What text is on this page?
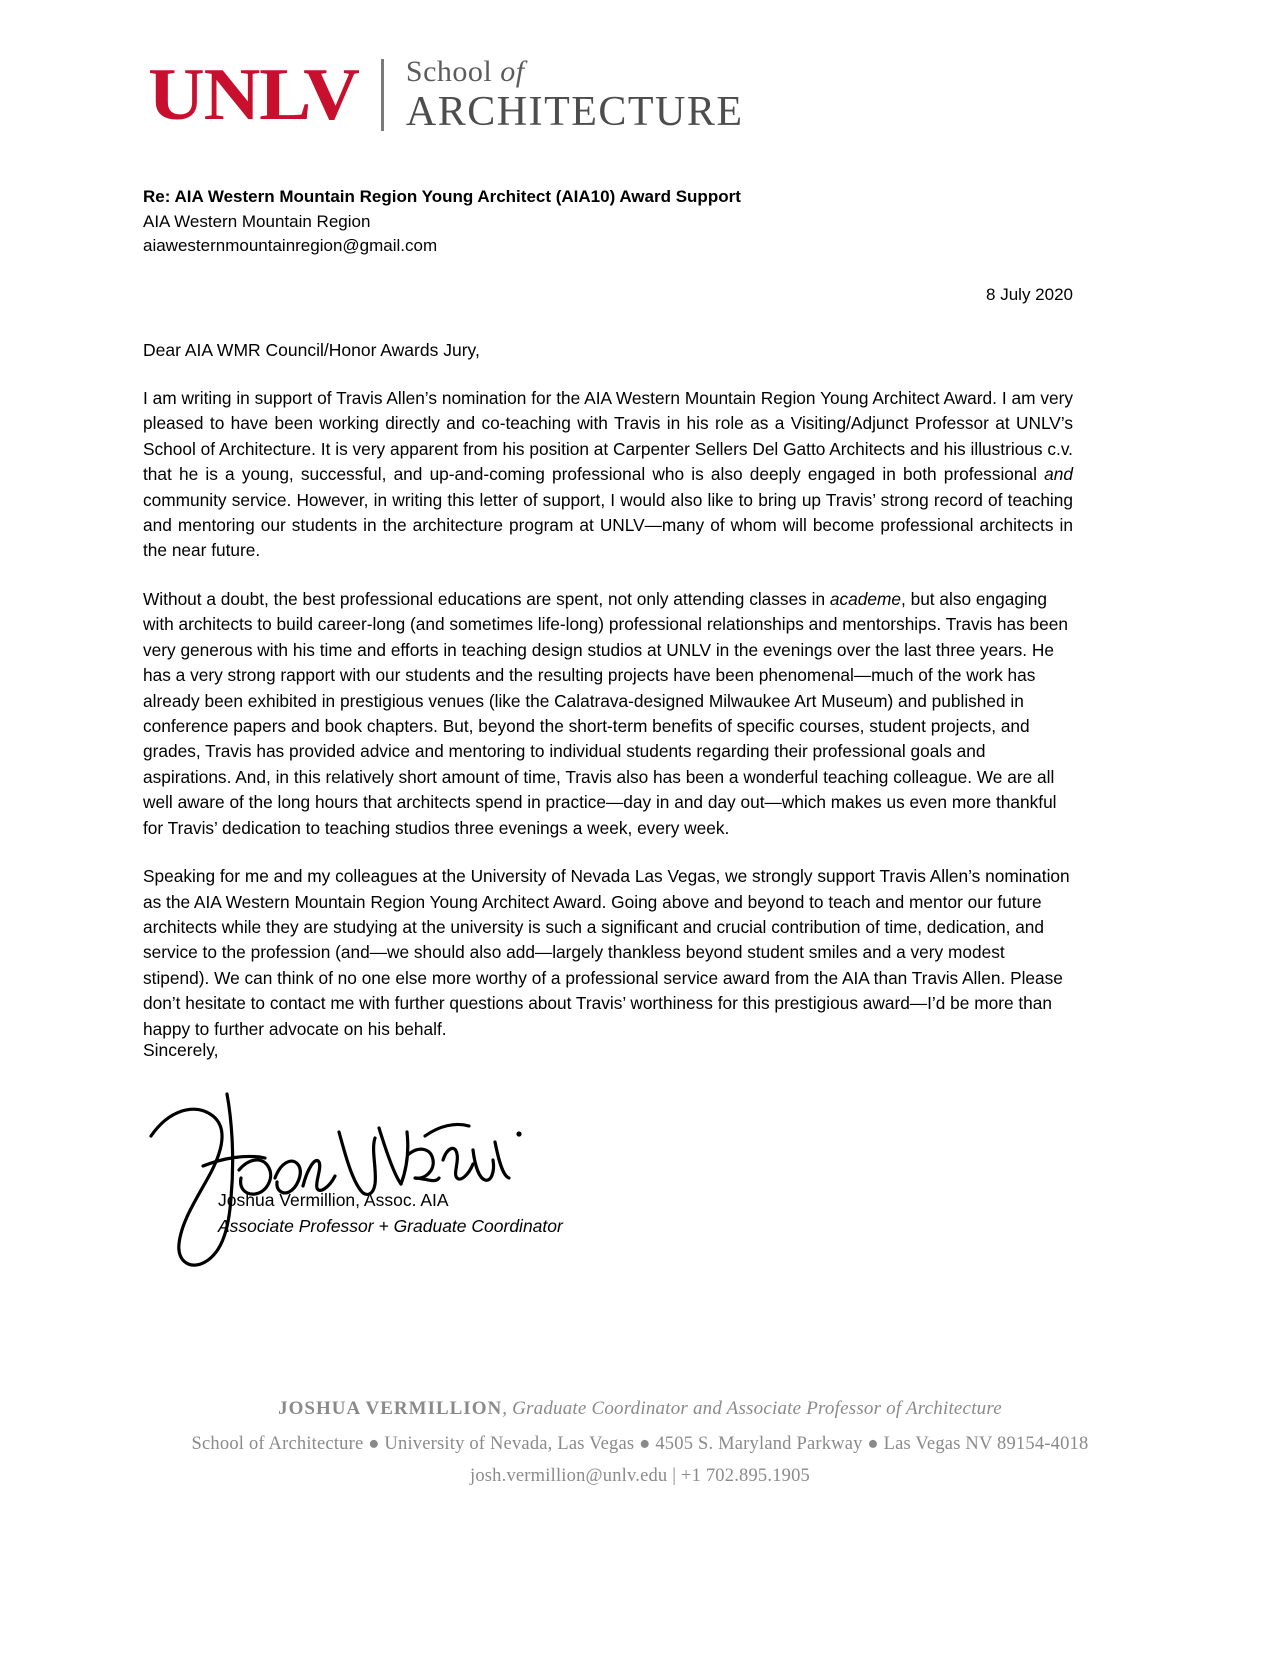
UNLV School of
ARCHITECTURE
Re: AIA Western Mountain Region Young Architect (AIA10) Award Support
AIA Western Mountain Region
aiawesternmountainregion@gmail.com
8 July 2020
Dear AIA WMR Council/Honor Awards Jury,

I am writing in support of Travis Allen’s nomination for the AIA Western Mountain Region Young Architect Award. I am very pleased to have been working directly and co-teaching with Travis in his role as a Visiting/Adjunct Professor at UNLV’s School of Architecture. It is very apparent from his position at Carpenter Sellers Del Gatto Architects and his illustrious c.v. that he is a young, successful, and up-and-coming professional who is also deeply engaged in both professional and community service. However, in writing this letter of support, I would also like to bring up Travis’ strong record of teaching and mentoring our students in the architecture program at UNLV—many of whom will become professional architects in the near future.

Without a doubt, the best professional educations are spent, not only attending classes in academe, but also engaging with architects to build career-long (and sometimes life-long) professional relationships and mentorships. Travis has been very generous with his time and efforts in teaching design studios at UNLV in the evenings over the last three years. He has a very strong rapport with our students and the resulting projects have been phenomenal—much of the work has already been exhibited in prestigious venues (like the Calatrava-designed Milwaukee Art Museum) and published in conference papers and book chapters. But, beyond the short-term benefits of specific courses, student projects, and grades, Travis has provided advice and mentoring to individual students regarding their professional goals and aspirations. And, in this relatively short amount of time, Travis also has been a wonderful teaching colleague. We are all well aware of the long hours that architects spend in practice—day in and day out—which makes us even more thankful for Travis’ dedication to teaching studios three evenings a week, every week.

Speaking for me and my colleagues at the University of Nevada Las Vegas, we strongly support Travis Allen’s nomination as the AIA Western Mountain Region Young Architect Award. Going above and beyond to teach and mentor our future architects while they are studying at the university is such a significant and crucial contribution of time, dedication, and service to the profession (and—we should also add—largely thankless beyond student smiles and a very modest stipend). We can think of no one else more worthy of a professional service award from the AIA than Travis Allen. Please don’t hesitate to contact me with further questions about Travis’ worthiness for this prestigious award—I’d be more than happy to further advocate on his behalf.

Sincerely,
Joshua Vermillion, Assoc. AIA
Associate Professor + Graduate Coordinator
JOSHUA VERMILLION, Graduate Coordinator and Associate Professor of Architecture
School of Architecture ● University of Nevada, Las Vegas ● 4505 S. Maryland Parkway ● Las Vegas NV 89154-4018
josh.vermillion@unlv.edu | +1 702.895.1905
